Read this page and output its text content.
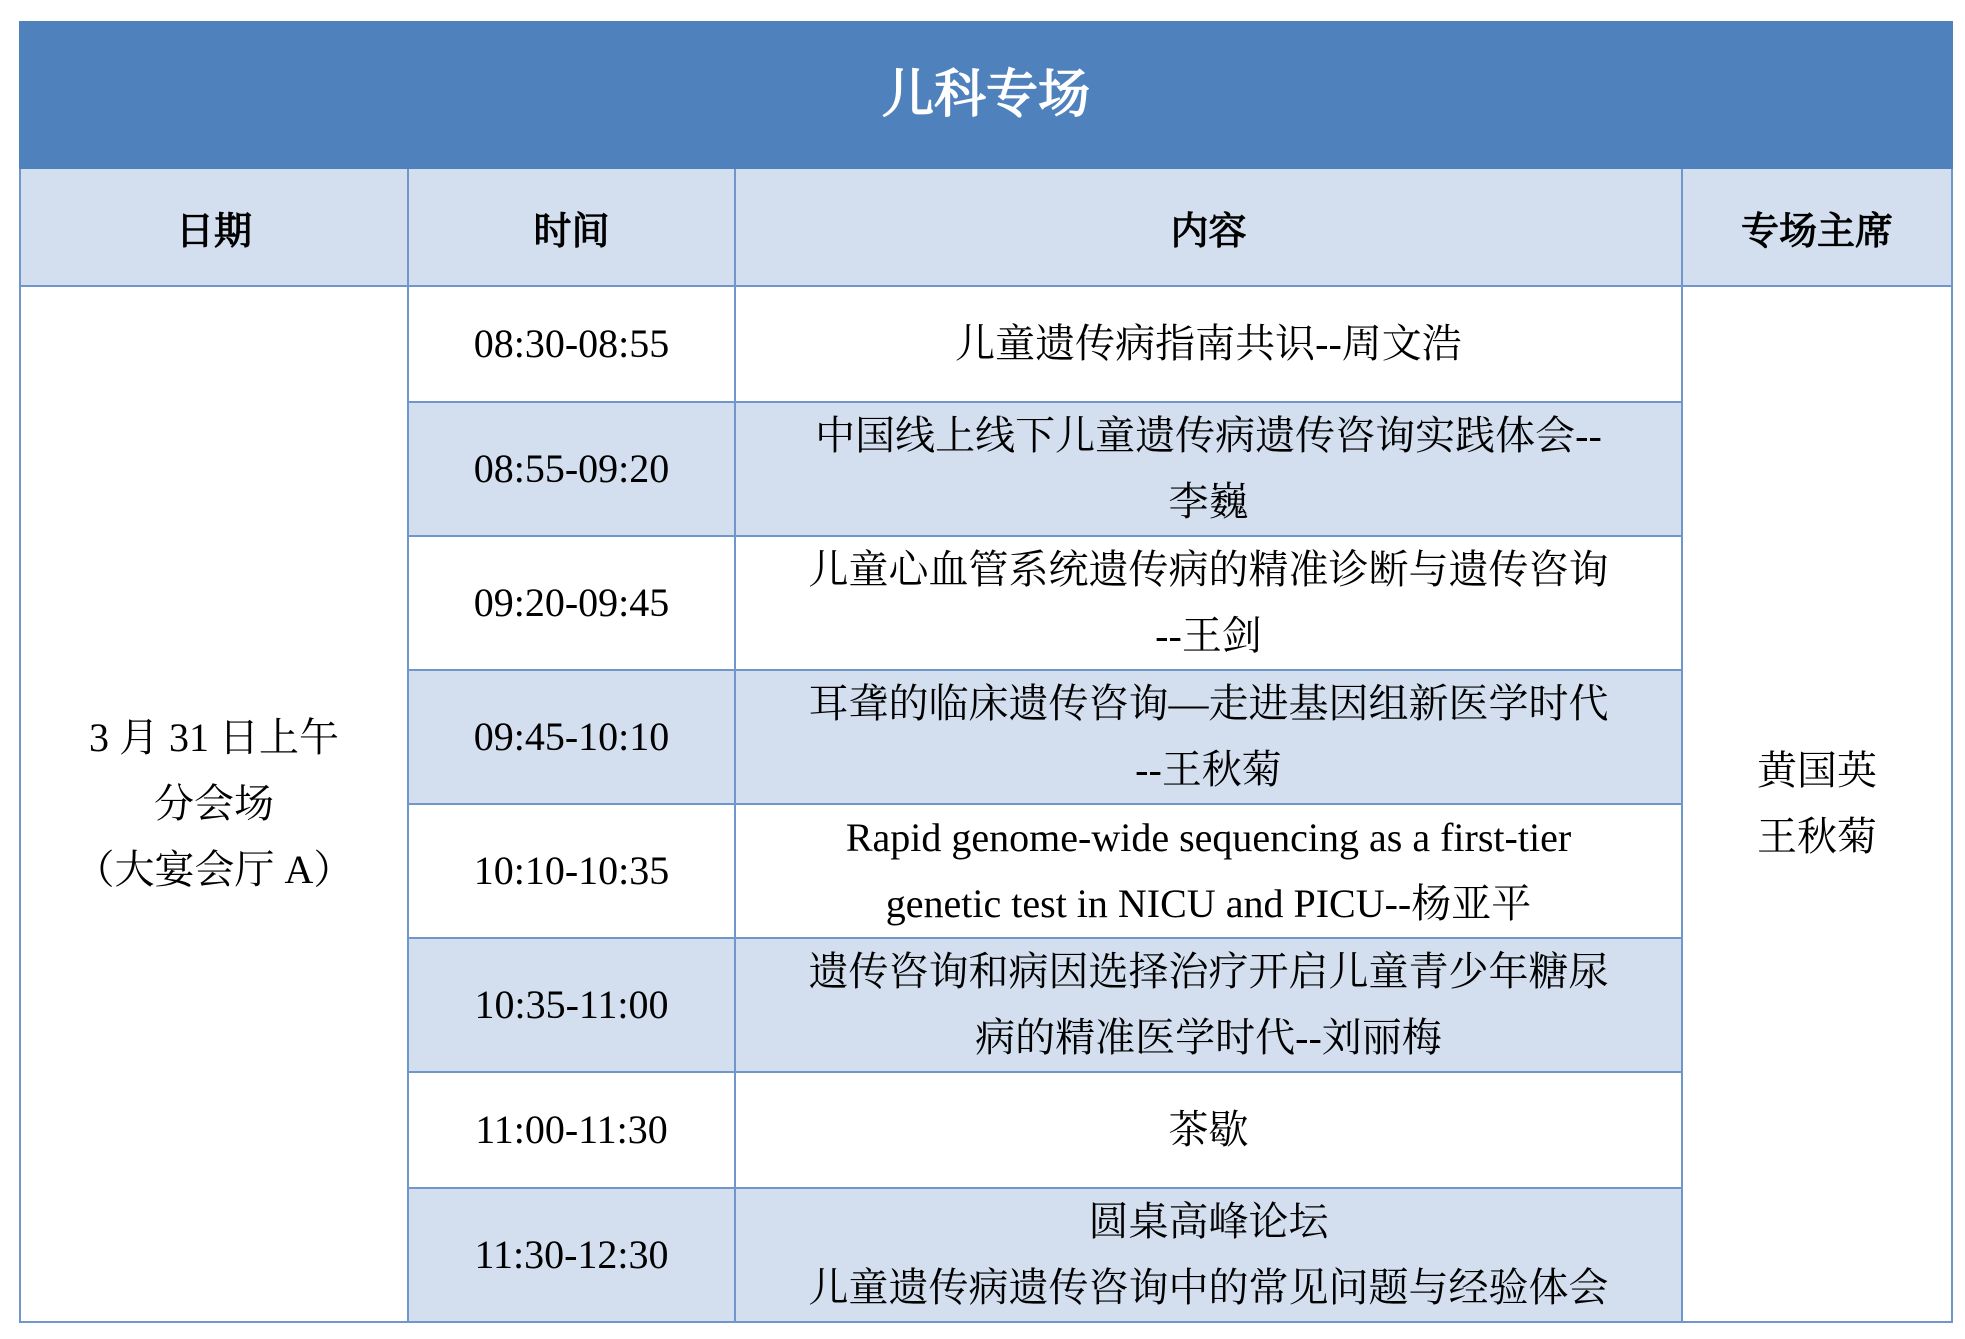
儿科专场			
日期	时间	内容	专场主席

3 月 31 日上午
分会场
（大宴会厅 A）	08:30-08:55	儿童遗传病指南共识--周文浩	黄国英
王秋菊

	08:55-09:20	中国线上线下儿童遗传病遗传咨询实践体会--
李巍	

	09:20-09:45	儿童心血管系统遗传病的精准诊断与遗传咨询
--王剑	

	09:45-10:10	耳聋的临床遗传咨询—走进基因组新医学时代
--王秋菊	

	10:10-10:35	Rapid genome-wide sequencing as a first-tier
genetic test in NICU and PICU--杨亚平	

	10:35-11:00	遗传咨询和病因选择治疗开启儿童青少年糖尿
病的精准医学时代--刘丽梅	

	11:00-11:30	茶歇	

	11:30-12:30	圆桌高峰论坛
儿童遗传病遗传咨询中的常见问题与经验体会	
